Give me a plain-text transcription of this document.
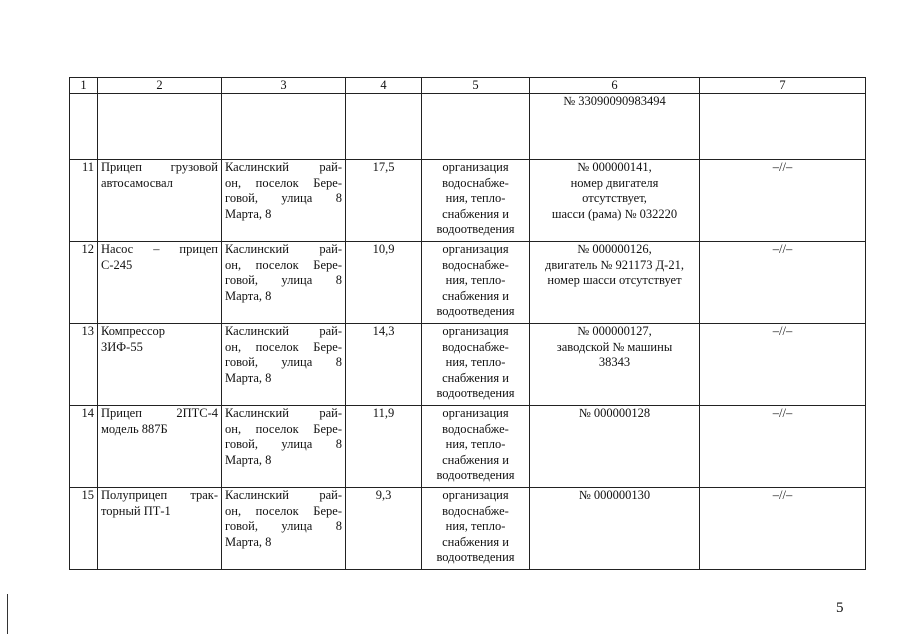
1	2	3	4	5	6	7
					№ 33090090983494	
11	Прицеп грузовой
автосамосвал	Каслинский рай-
он, поселок Бере-
говой, улица 8
Марта, 8	17,5	организация
водоснабже-
ния, тепло-
снабжения и
водоотведения	№ 000000141,
номер двигателя
отсутствует,
шасси (рама) № 032220	–//–
12	Насос – прицеп
С-245	Каслинский рай-
он, поселок Бере-
говой, улица 8
Марта, 8	10,9	организация
водоснабже-
ния, тепло-
снабжения и
водоотведения	№ 000000126,
двигатель № 921173 Д-21,
номер шасси отсутствует	–//–
13	Компрессор
ЗИФ-55	Каслинский рай-
он, поселок Бере-
говой, улица 8
Марта, 8	14,3	организация
водоснабже-
ния, тепло-
снабжения и
водоотведения	№ 000000127,
заводской № машины
38343	–//–
14	Прицеп 2ПТС-4
модель 887Б	Каслинский рай-
он, поселок Бере-
говой, улица 8
Марта, 8	11,9	организация
водоснабже-
ния, тепло-
снабжения и
водоотведения	№ 000000128	–//–
15	Полуприцеп трак-
торный ПТ-1	Каслинский рай-
он, поселок Бере-
говой, улица 8
Марта, 8	9,3	организация
водоснабже-
ния, тепло-
снабжения и
водоотведения	№ 000000130	–//–
5
